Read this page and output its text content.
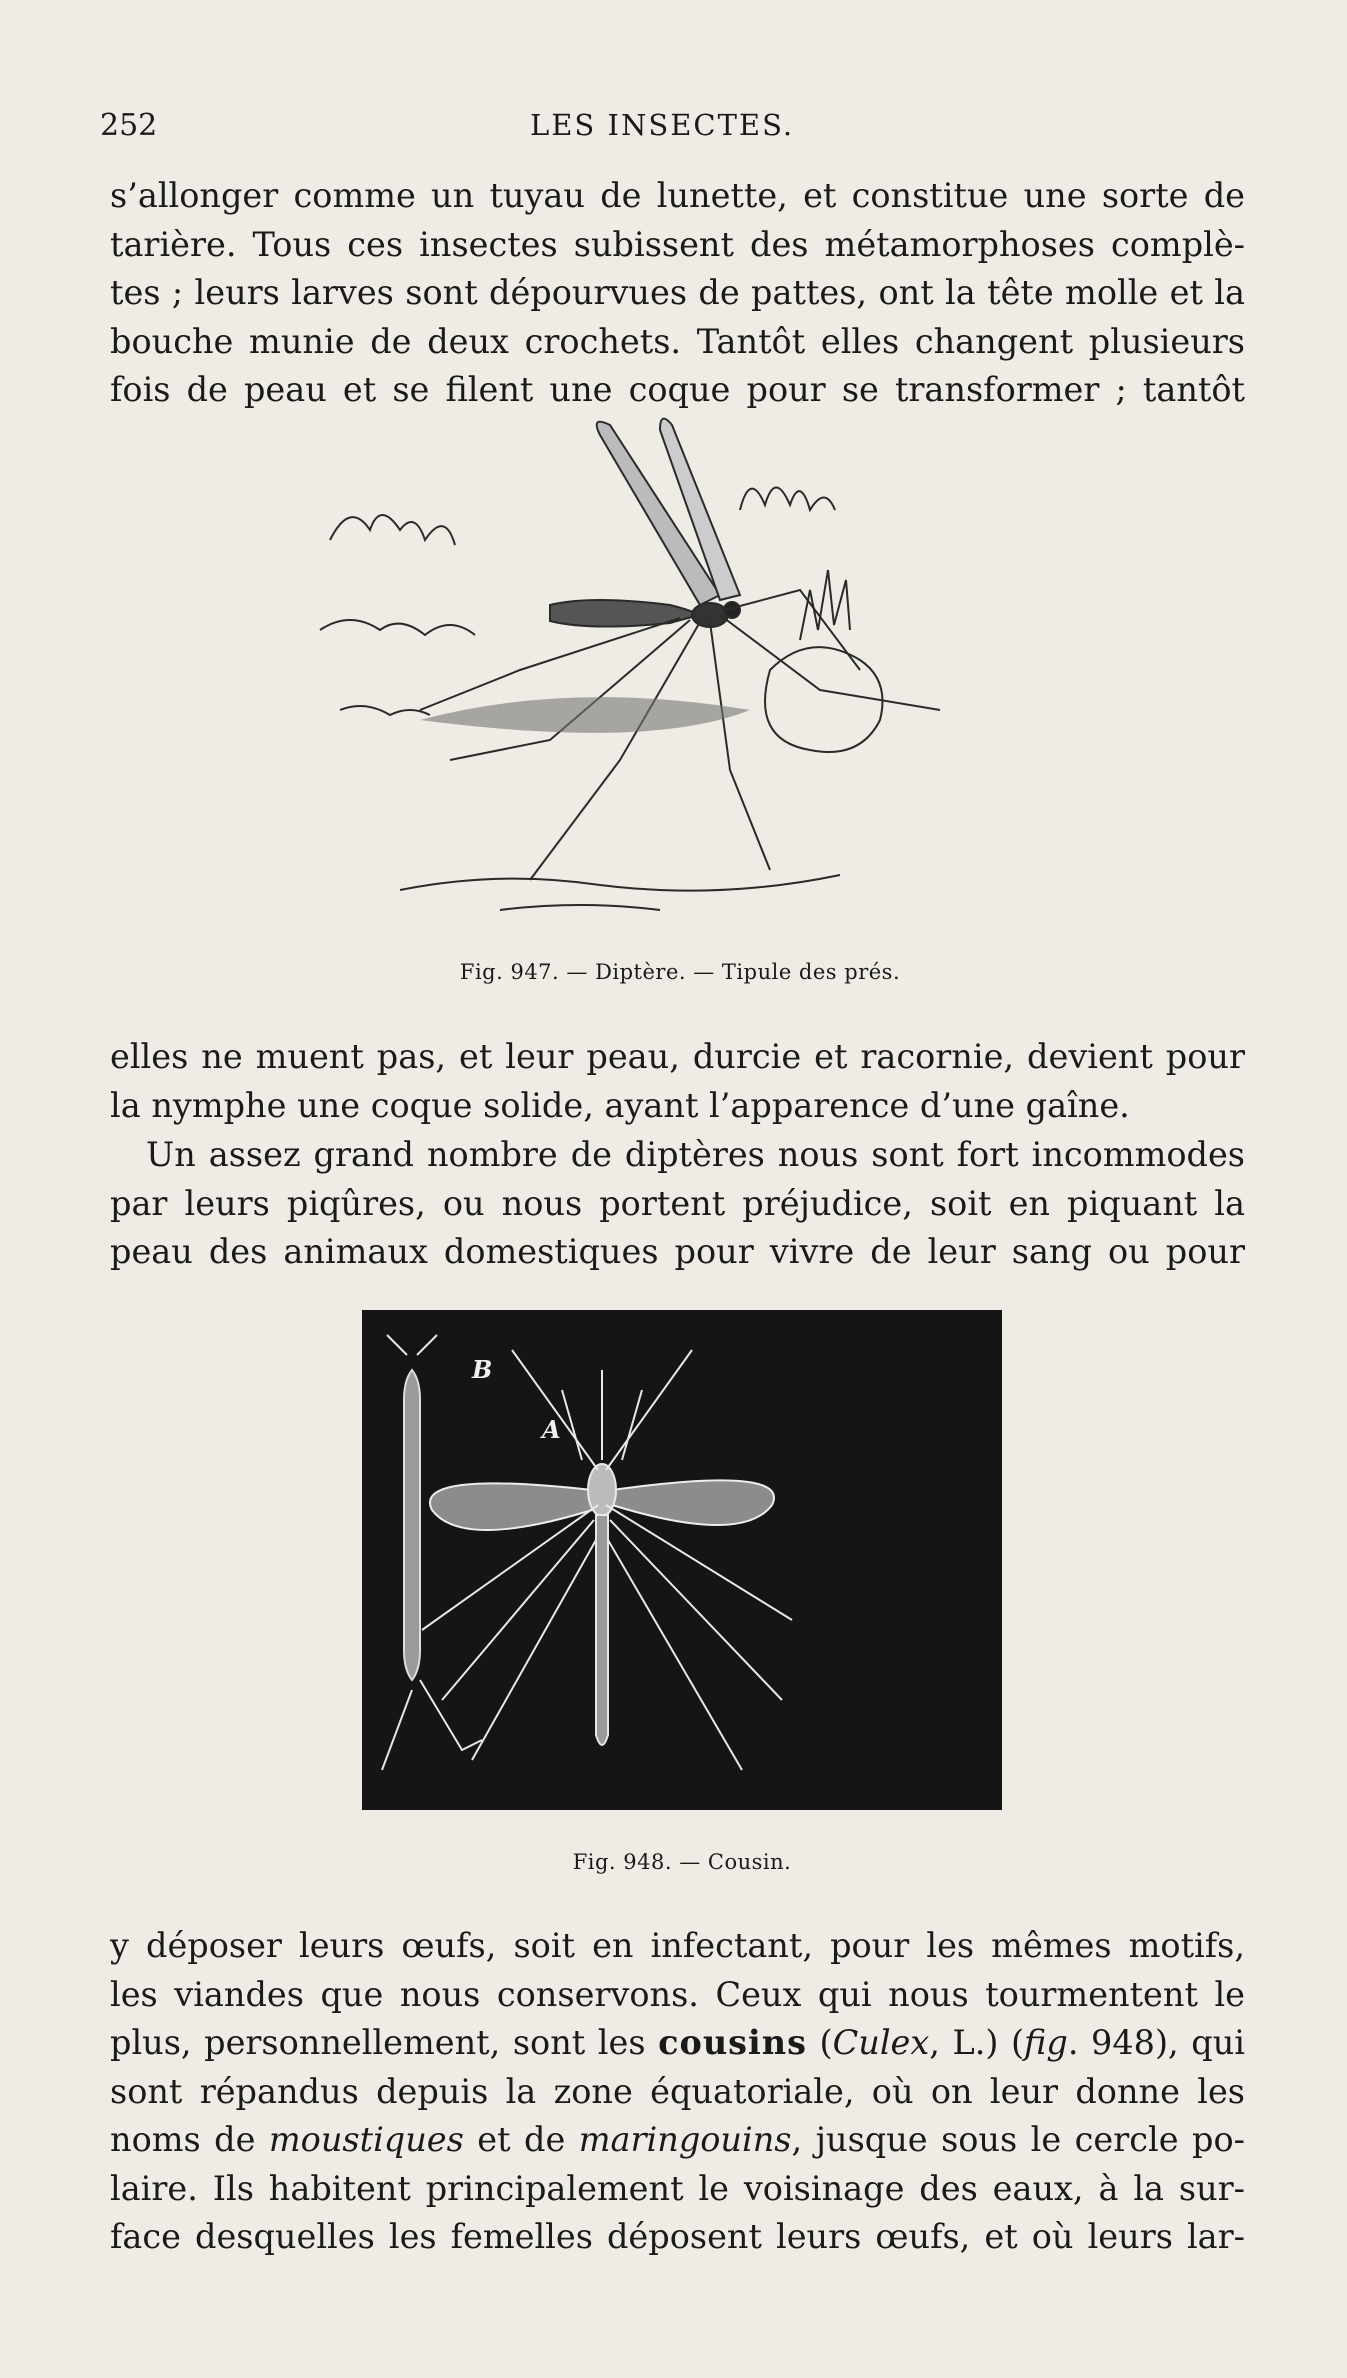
252	LES INSECTES.
s’allonger comme un tuyau de lunette, et constitue une sorte de
tarière. Tous ces insectes subissent des métamorphoses complè-
tes ; leurs larves sont dépourvues de pattes, ont la tête molle et la
bouche munie de deux crochets. Tantôt elles changent plusieurs
fois de peau et se filent une coque pour se transformer ; tantôt
Fig. 947. — Diptère. — Tipule des prés.
elles ne muent pas, et leur peau, durcie et racornie, devient pour
la nymphe une coque solide, ayant l’apparence d’une gaîne.
Un assez grand nombre de diptères nous sont fort incommodes
par leurs piqûres, ou nous portent préjudice, soit en piquant la
peau des animaux domestiques pour vivre de leur sang ou pour
B
A
Fig. 948. — Cousin.
y déposer leurs œufs, soit en infectant, pour les mêmes motifs,
les viandes que nous conservons. Ceux qui nous tourmentent le
plus, personnellement, sont les cousins (Culex, L.) (fig. 948), qui
sont répandus depuis la zone équatoriale, où on leur donne les
noms de moustiques et de maringouins, jusque sous le cercle po-
laire. Ils habitent principalement le voisinage des eaux, à la sur-
face desquelles les femelles déposent leurs œufs, et où leurs lar-
